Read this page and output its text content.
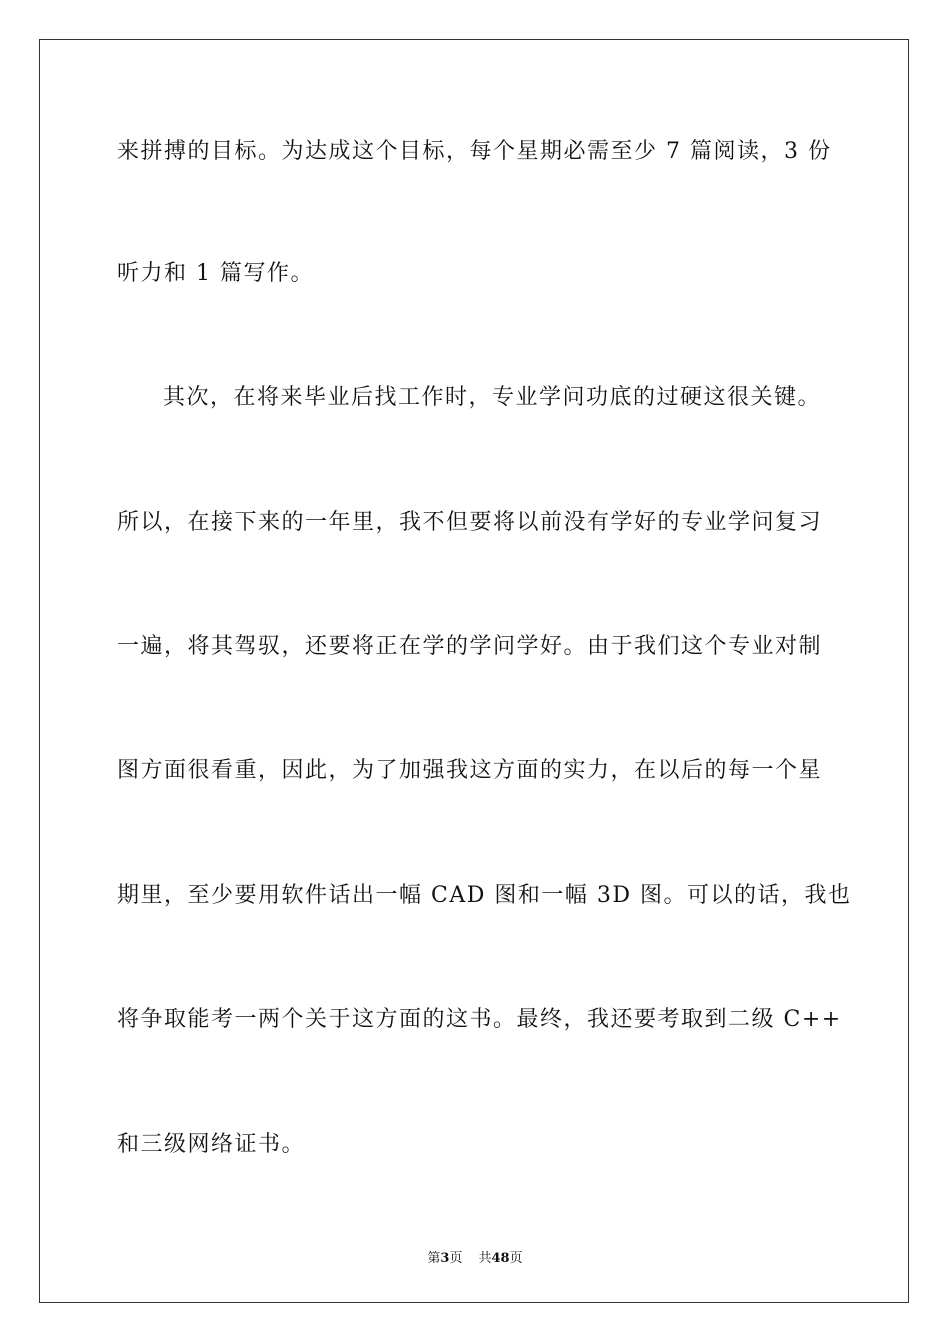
来拼搏的目标。为达成这个目标，每个星期必需至少 7 篇阅读，3 份
听力和 1 篇写作。
其次，在将来毕业后找工作时，专业学问功底的过硬这很关键。
所以，在接下来的一年里，我不但要将以前没有学好的专业学问复习
一遍，将其驾驭，还要将正在学的学问学好。由于我们这个专业对制
图方面很看重，因此，为了加强我这方面的实力，在以后的每一个星
期里，至少要用软件话出一幅 CAD 图和一幅 3D 图。可以的话，我也
将争取能考一两个关于这方面的这书。最终，我还要考取到二级 C++
和三级网络证书。
第3页 共48页
